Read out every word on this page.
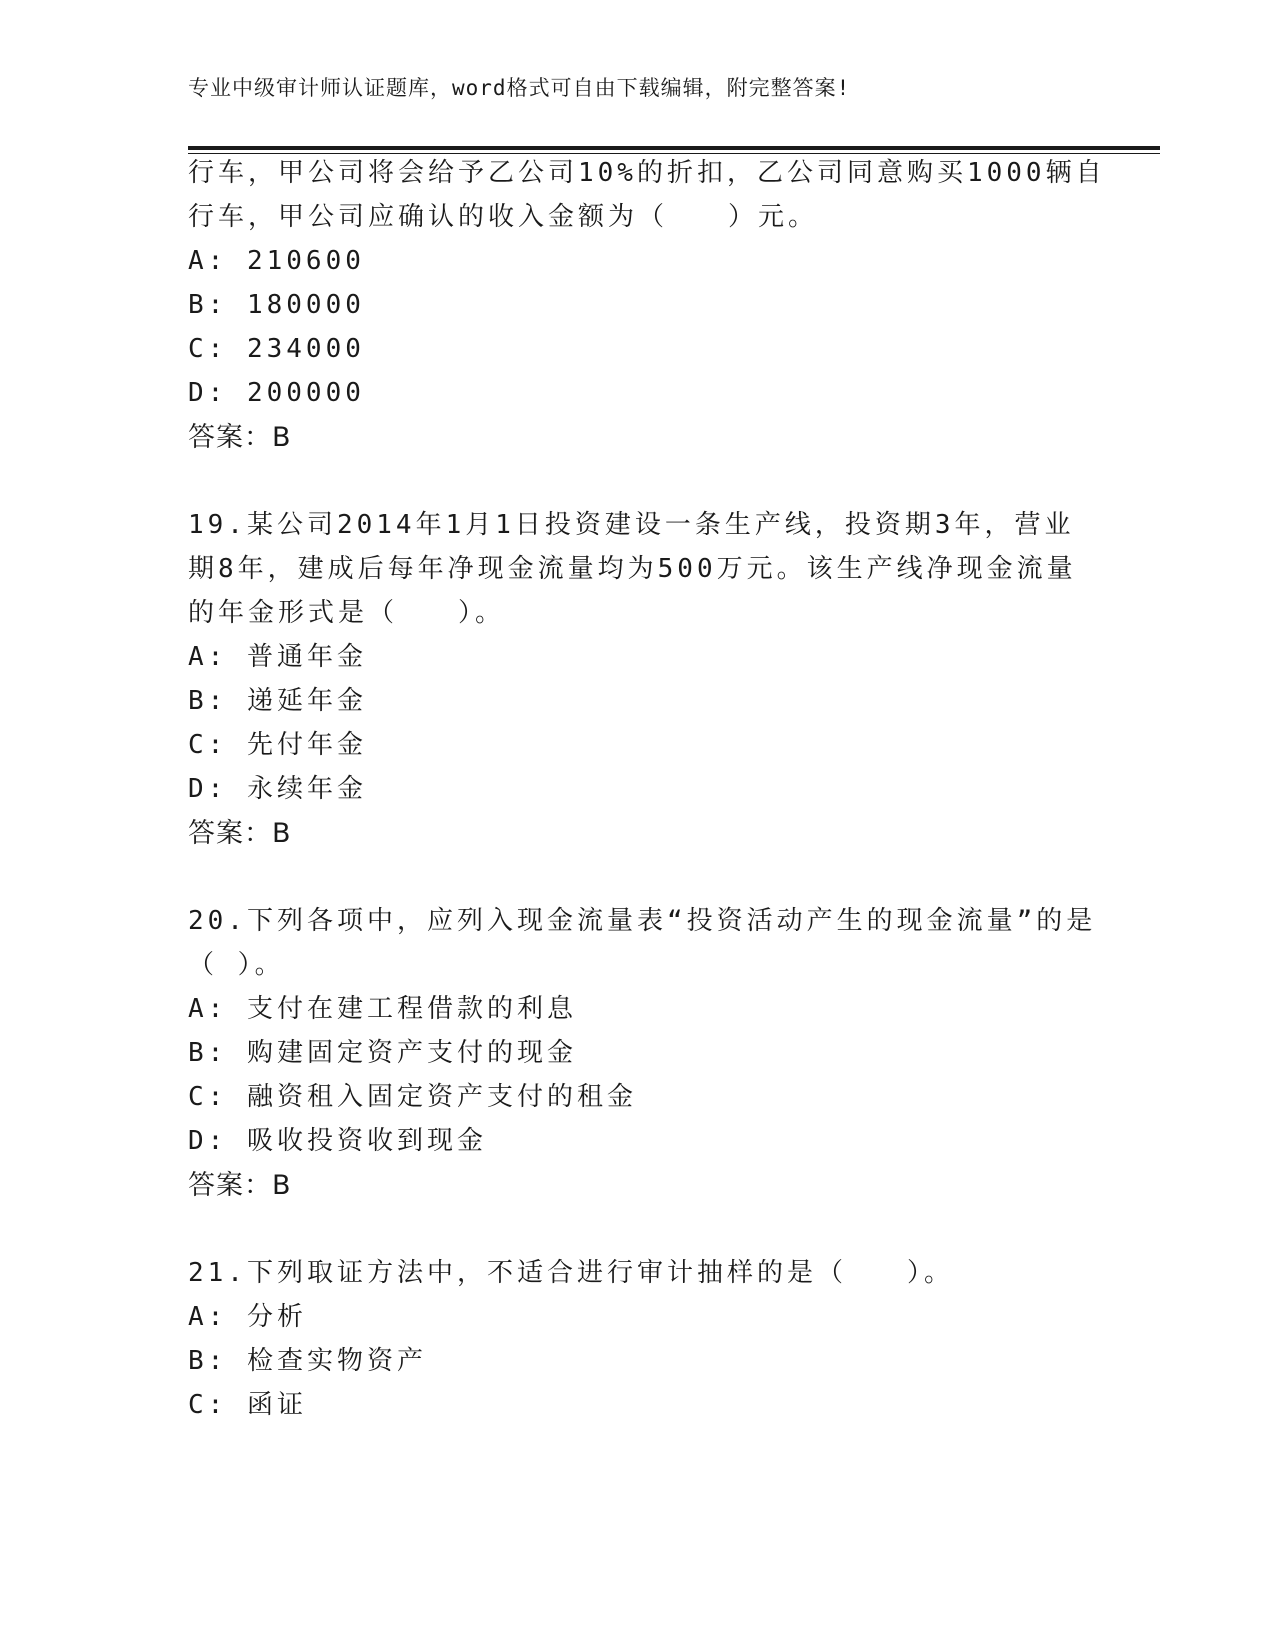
专业中级审计师认证题库，word格式可自由下载编辑，附完整答案!
行车，甲公司将会给予乙公司10%的折扣，乙公司同意购买1000辆自
行车，甲公司应确认的收入金额为（　　）元。
A: 210600
B: 180000
C: 234000
D: 200000
答案：B
19.某公司2014年1月1日投资建设一条生产线，投资期3年，营业
期8年，建成后每年净现金流量均为500万元。该生产线净现金流量
的年金形式是（　　）。
A: 普通年金
B: 递延年金
C: 先付年金
D: 永续年金
答案：B
20.下列各项中，应列入现金流量表“投资活动产生的现金流量”的是
（ ）。
A: 支付在建工程借款的利息
B: 购建固定资产支付的现金
C: 融资租入固定资产支付的租金
D: 吸收投资收到现金
答案：B
21.下列取证方法中，不适合进行审计抽样的是（　　）。
A: 分析
B: 检查实物资产
C: 函证
